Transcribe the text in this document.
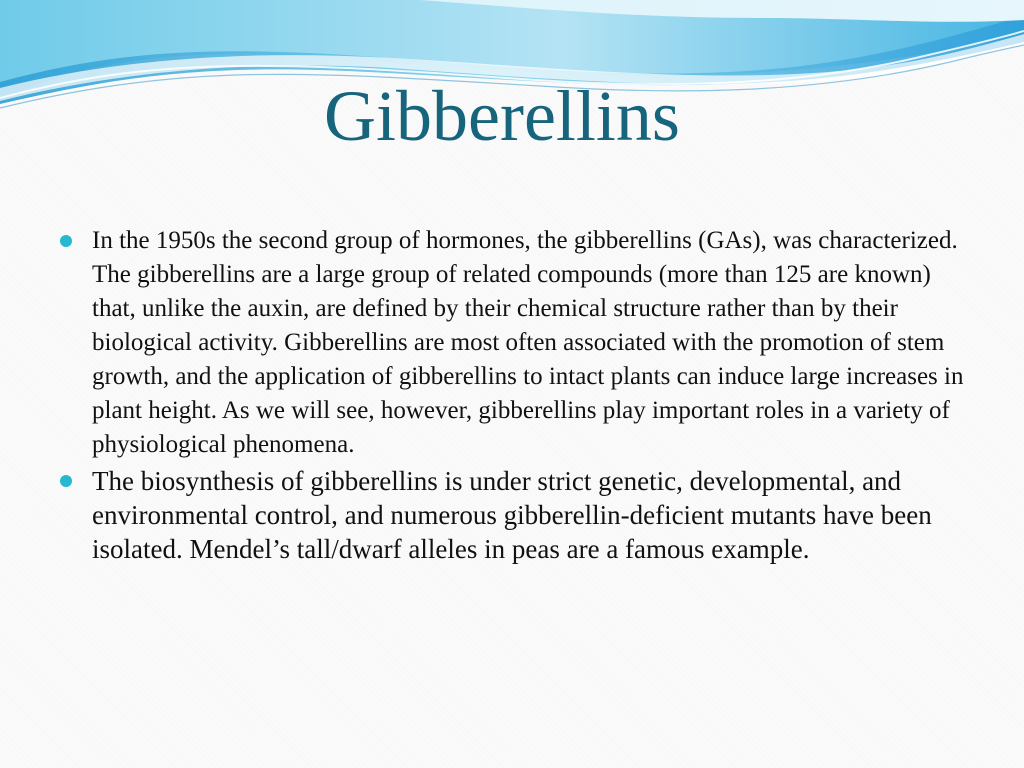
Gibberellins
In the 1950s the second group of hormones, the gibberellins (GAs), was characterized. The gibberellins are a large group of related compounds (more than 125 are known) that, unlike the auxin, are defined by their chemical structure rather than by their biological activity. Gibberellins are most often associated with the promotion of stem growth, and the application of gibberellins to intact plants can induce large increases in plant height. As we will see, however, gibberellins play important roles in a variety of physiological phenomena.
The biosynthesis of gibberellins is under strict genetic, developmental, and environmental control, and numerous gibberellin-deficient mutants have been isolated. Mendel’s tall/dwarf alleles in peas are a famous example.
